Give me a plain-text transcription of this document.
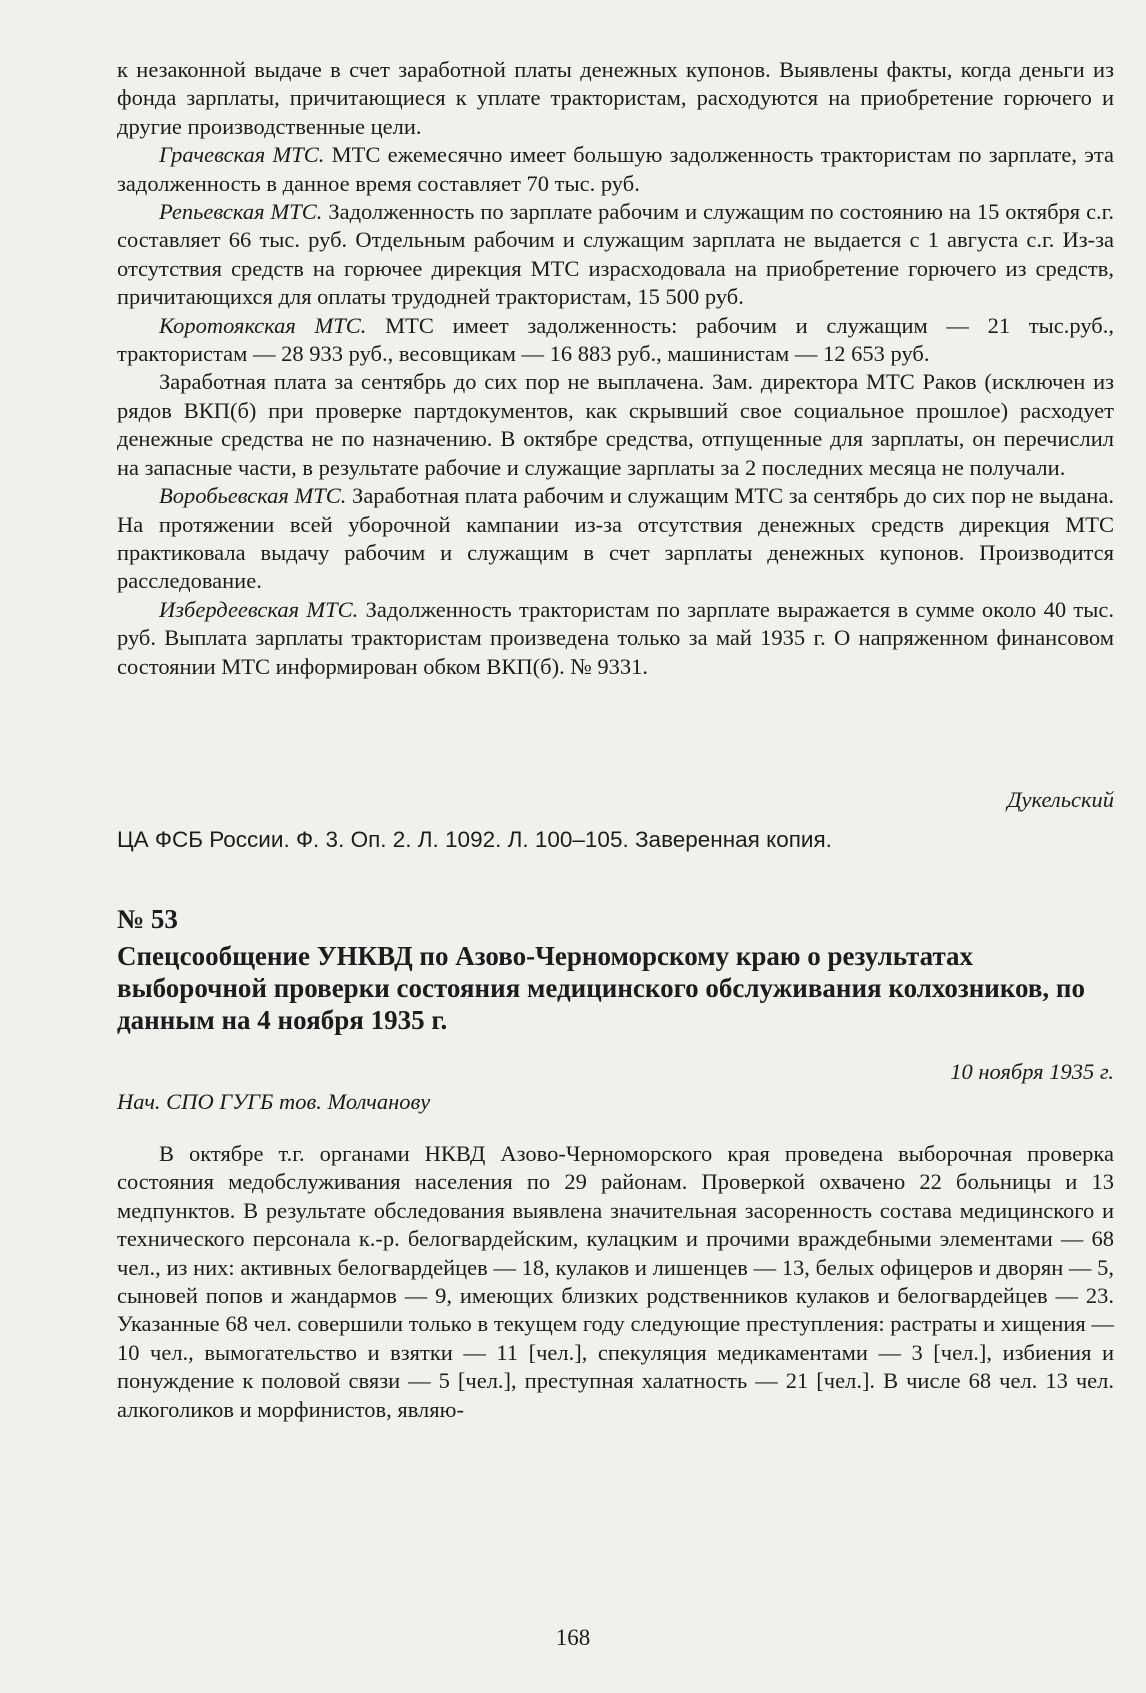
к незаконной выдаче в счет заработной платы денежных купонов. Выявлены факты, когда деньги из фонда зарплаты, причитающиеся к уплате трактористам, расходуются на приобретение горючего и другие производственные цели.

Грачевская МТС. МТС ежемесячно имеет большую задолженность трактористам по зарплате, эта задолженность в данное время составляет 70 тыс. руб.

Репьевская МТС. Задолженность по зарплате рабочим и служащим по состоянию на 15 октября с.г. составляет 66 тыс. руб. Отдельным рабочим и служащим зарплата не выдается с 1 августа с.г. Из-за отсутствия средств на горючее дирекция МТС израсходовала на приобретение горючего из средств, причитающихся для оплаты трудодней трактористам, 15 500 руб.

Коротоякская МТС. МТС имеет задолженность: рабочим и служащим — 21 тыс.руб., трактористам — 28 933 руб., весовщикам — 16 883 руб., машинистам — 12 653 руб.

Заработная плата за сентябрь до сих пор не выплачена. Зам. директора МТС Раков (исключен из рядов ВКП(б) при проверке партдокументов, как скрывший свое социальное прошлое) расходует денежные средства не по назначению. В октябре средства, отпущенные для зарплаты, он перечислил на запасные части, в результате рабочие и служащие зарплаты за 2 последних месяца не получали.

Воробьевская МТС. Заработная плата рабочим и служащим МТС за сентябрь до сих пор не выдана. На протяжении всей уборочной кампании из-за отсутствия денежных средств дирекция МТС практиковала выдачу рабочим и служащим в счет зарплаты денежных купонов. Производится расследование.

Избердеевская МТС. Задолженность трактористам по зарплате выражается в сумме около 40 тыс. руб. Выплата зарплаты трактористам произведена только за май 1935 г. О напряженном финансовом состоянии МТС информирован обком ВКП(б). № 9331.

Дукельский
ЦА ФСБ России. Ф. 3. Оп. 2. Л. 1092. Л. 100–105. Заверенная копия.
№ 53
Спецсообщение УНКВД по Азово-Черноморскому краю о результатах выборочной проверки состояния медицинского обслуживания колхозников, по данным на 4 ноября 1935 г.
10 ноября 1935 г.
Нач. СПО ГУГБ тов. Молчанову

В октябре т.г. органами НКВД Азово-Черноморского края проведена выборочная проверка состояния медобслуживания населения по 29 районам. Проверкой охвачено 22 больницы и 13 медпунктов. В результате обследования выявлена значительная засоренность состава медицинского и технического персонала к.-р. белогвардейским, кулацким и прочими враждебными элементами — 68 чел., из них: активных белогвардейцев — 18, кулаков и лишенцев — 13, белых офицеров и дворян — 5, сыновей попов и жандармов — 9, имеющих близких родственников кулаков и белогвардейцев — 23. Указанные 68 чел. совершили только в текущем году следующие преступления: растраты и хищения — 10 чел., вымогательство и взятки — 11 [чел.], спекуляция медикаментами — 3 [чел.], избиения и понуждение к половой связи — 5 [чел.], преступная халатность — 21 [чел.]. В числе 68 чел. 13 чел. алкоголиков и морфинистов, являю-

168
